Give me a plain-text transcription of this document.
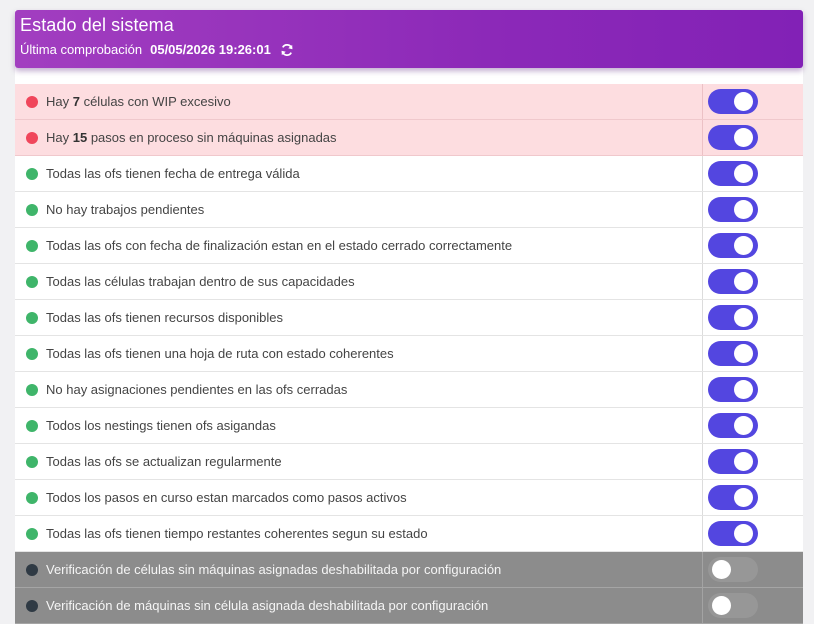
Estado del sistema
Última comprobación 05/05/2026 19:26:01
Hay 7 células con WIP excesivo
Hay 15 pasos en proceso sin máquinas asignadas
Todas las ofs tienen fecha de entrega válida
No hay trabajos pendientes
Todas las ofs con fecha de finalización estan en el estado cerrado correctamente
Todas las células trabajan dentro de sus capacidades
Todas las ofs tienen recursos disponibles
Todas las ofs tienen una hoja de ruta con estado coherentes
No hay asignaciones pendientes en las ofs cerradas
Todos los nestings tienen ofs asigandas
Todas las ofs se actualizan regularmente
Todos los pasos en curso estan marcados como pasos activos
Todas las ofs tienen tiempo restantes coherentes segun su estado
Verificación de células sin máquinas asignadas deshabilitada por configuración
Verificación de máquinas sin célula asignada deshabilitada por configuración
